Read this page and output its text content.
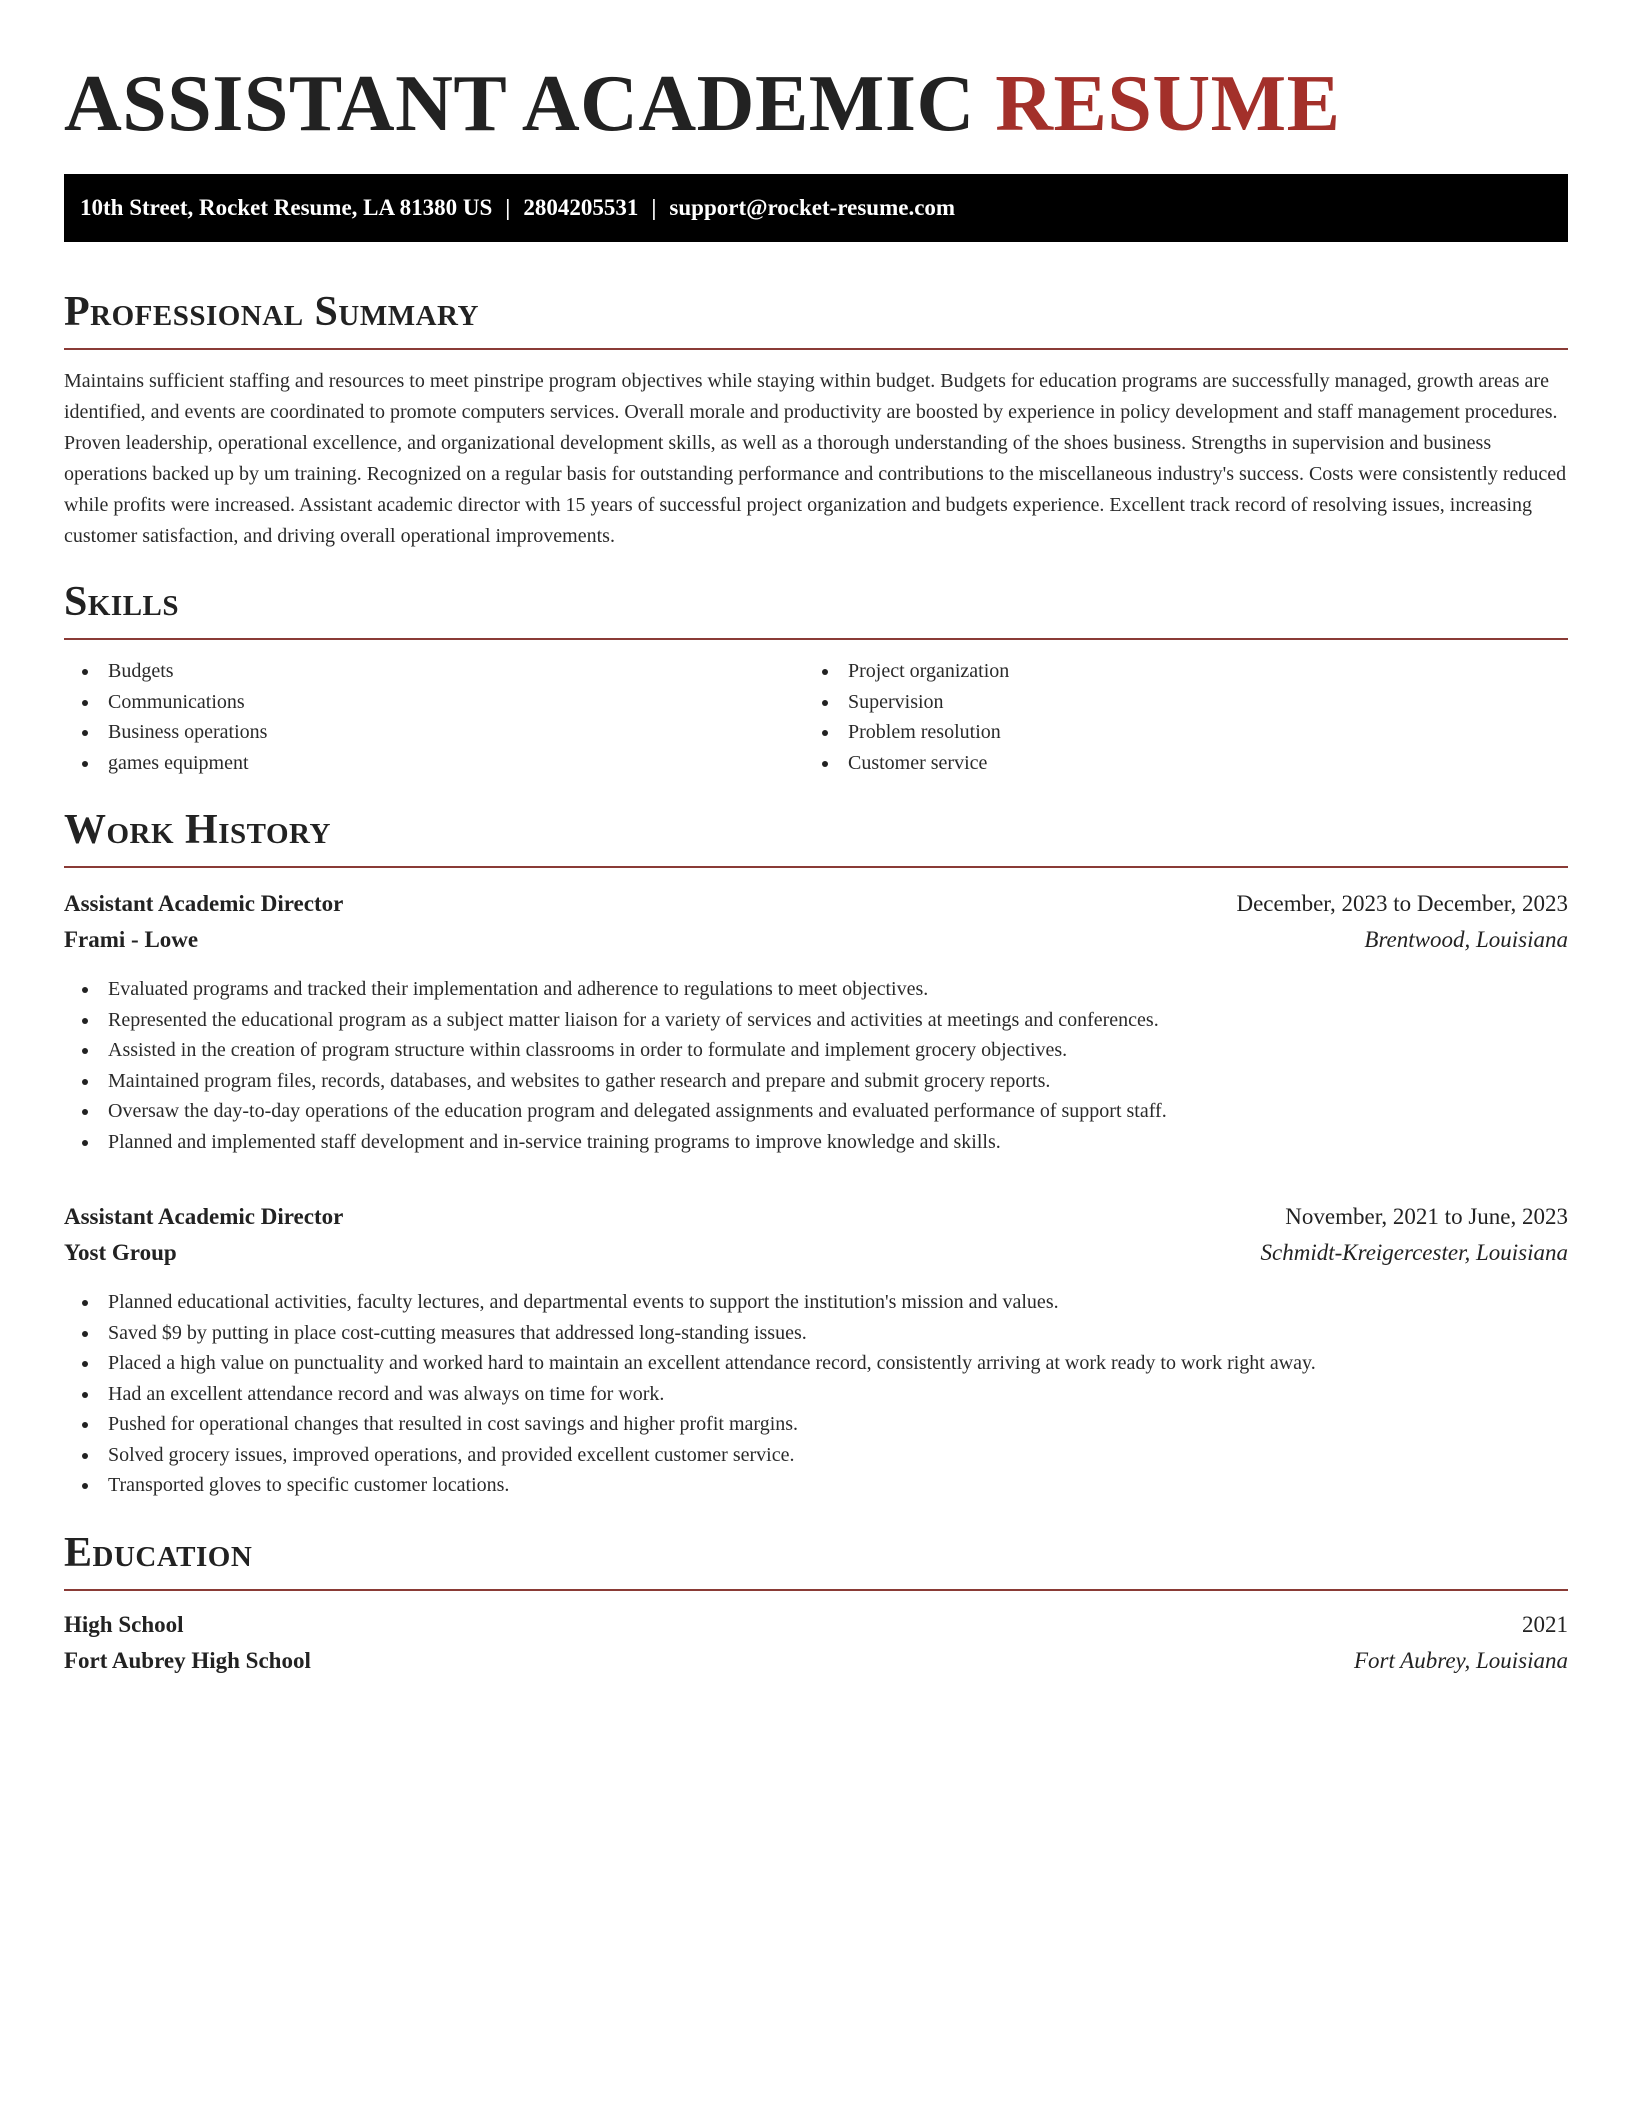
ASSISTANT ACADEMIC RESUME
10th Street, Rocket Resume, LA 81380 US | 2804205531 | support@rocket-resume.com
Professional Summary

Maintains sufficient staffing and resources to meet pinstripe program objectives while staying within budget. Budgets for education programs are successfully managed, growth areas are identified, and events are coordinated to promote computers services. Overall morale and productivity are boosted by experience in policy development and staff management procedures. Proven leadership, operational excellence, and organizational development skills, as well as a thorough understanding of the shoes business. Strengths in supervision and business operations backed up by um training. Recognized on a regular basis for outstanding performance and contributions to the miscellaneous industry's success. Costs were consistently reduced while profits were increased. Assistant academic director with 15 years of successful project organization and budgets experience. Excellent track record of resolving issues, increasing customer satisfaction, and driving overall operational improvements.

Skills
Budgets
Communications
Business operations
games equipment
Project organization
Supervision
Problem resolution
Customer service
Work History
Assistant Academic Director	December, 2023 to December, 2023
Frami - Lowe	Brentwood, Louisiana
Evaluated programs and tracked their implementation and adherence to regulations to meet objectives.
Represented the educational program as a subject matter liaison for a variety of services and activities at meetings and conferences.
Assisted in the creation of program structure within classrooms in order to formulate and implement grocery objectives.
Maintained program files, records, databases, and websites to gather research and prepare and submit grocery reports.
Oversaw the day-to-day operations of the education program and delegated assignments and evaluated performance of support staff.
Planned and implemented staff development and in-service training programs to improve knowledge and skills.
Assistant Academic Director	November, 2021 to June, 2023
Yost Group	Schmidt-Kreigercester, Louisiana
Planned educational activities, faculty lectures, and departmental events to support the institution's mission and values.
Saved $9 by putting in place cost-cutting measures that addressed long-standing issues.
Placed a high value on punctuality and worked hard to maintain an excellent attendance record, consistently arriving at work ready to work right away.
Had an excellent attendance record and was always on time for work.
Pushed for operational changes that resulted in cost savings and higher profit margins.
Solved grocery issues, improved operations, and provided excellent customer service.
Transported gloves to specific customer locations.
Education
High School	2021
Fort Aubrey High School	Fort Aubrey, Louisiana
